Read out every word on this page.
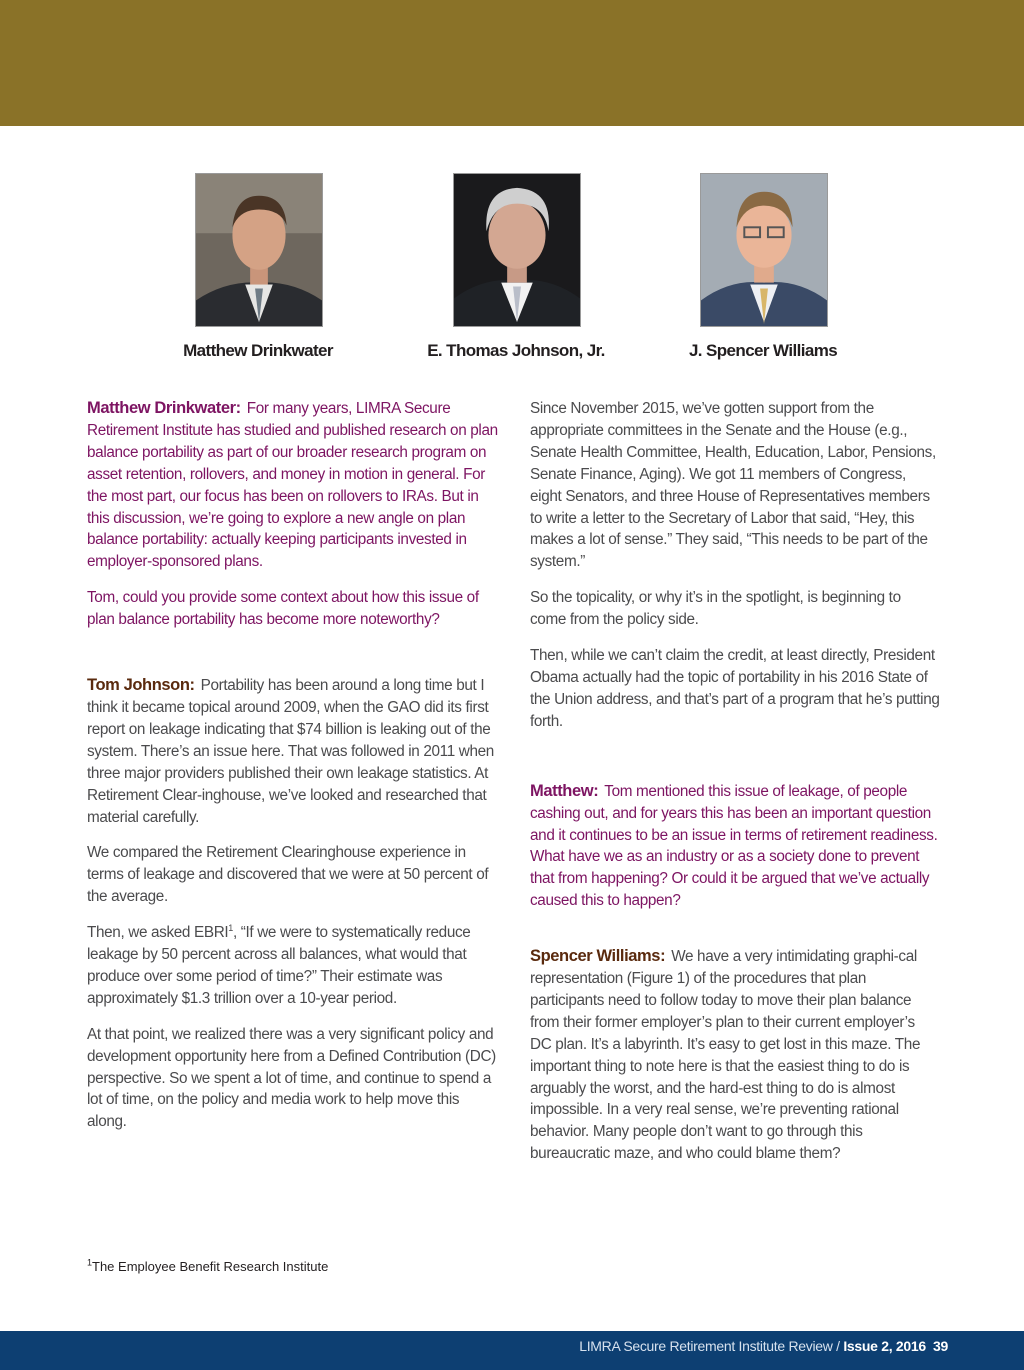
Matthew Drinkwater	E. Thomas Johnson, Jr.	J. Spencer Williams

Matthew Drinkwater: For many years, LIMRA Secure Retirement Institute has studied and published research on plan balance portability as part of our broader research program on asset retention, rollovers, and money in motion in general. For the most part, our focus has been on rollovers to IRAs. But in this discussion, we’re going to explore a new angle on plan balance portability: actually keeping participants invested in employer-sponsored plans.

Tom, could you provide some context about how this issue of plan balance portability has become more noteworthy?

Tom Johnson: Portability has been around a long time but I think it became topical around 2009, when the GAO did its first report on leakage indicating that $74 billion is leaking out of the system. There’s an issue here. That was followed in 2011 when three major providers published their own leakage statistics. At Retirement Clear-inghouse, we’ve looked and researched that material carefully.

We compared the Retirement Clearinghouse experience in terms of leakage and discovered that we were at 50 percent of the average.

Then, we asked EBRI$^1$, “If we were to systematically reduce leakage by 50 percent across all balances, what would that produce over some period of time?” Their estimate was approximately $1.3 trillion over a 10-year period.

At that point, we realized there was a very significant policy and development opportunity here from a Defined Contribution (DC) perspective. So we spent a lot of time, and continue to spend a lot of time, on the policy and media work to help move this along.

Since November 2015, we’ve gotten support from the appropriate committees in the Senate and the House (e.g., Senate Health Committee, Health, Education, Labor, Pensions, Senate Finance, Aging). We got 11 members of Congress, eight Senators, and three House of Representatives members to write a letter to the Secretary of Labor that said, “Hey, this makes a lot of sense.” They said, “This needs to be part of the system.”

So the topicality, or why it’s in the spotlight, is beginning to come from the policy side.

Then, while we can’t claim the credit, at least directly, President Obama actually had the topic of portability in his 2016 State of the Union address, and that’s part of a program that he’s putting forth.

Matthew: Tom mentioned this issue of leakage, of people cashing out, and for years this has been an important question and it continues to be an issue in terms of retirement readiness. What have we as an industry or as a society done to prevent that from happening? Or could it be argued that we’ve actually caused this to happen?

Spencer Williams: We have a very intimidating graphi-cal representation (Figure 1) of the procedures that plan participants need to follow today to move their plan balance from their former employer’s plan to their current employer’s DC plan. It’s a labyrinth. It’s easy to get lost in this maze. The important thing to note here is that the easiest thing to do is arguably the worst, and the hard-est thing to do is almost impossible. In a very real sense, we’re preventing rational behavior. Many people don’t want to go through this bureaucratic maze, and who could blame them?

$^1$The Employee Benefit Research Institute
LIMRA Secure Retirement Institute Review / Issue 2, 2016 39
